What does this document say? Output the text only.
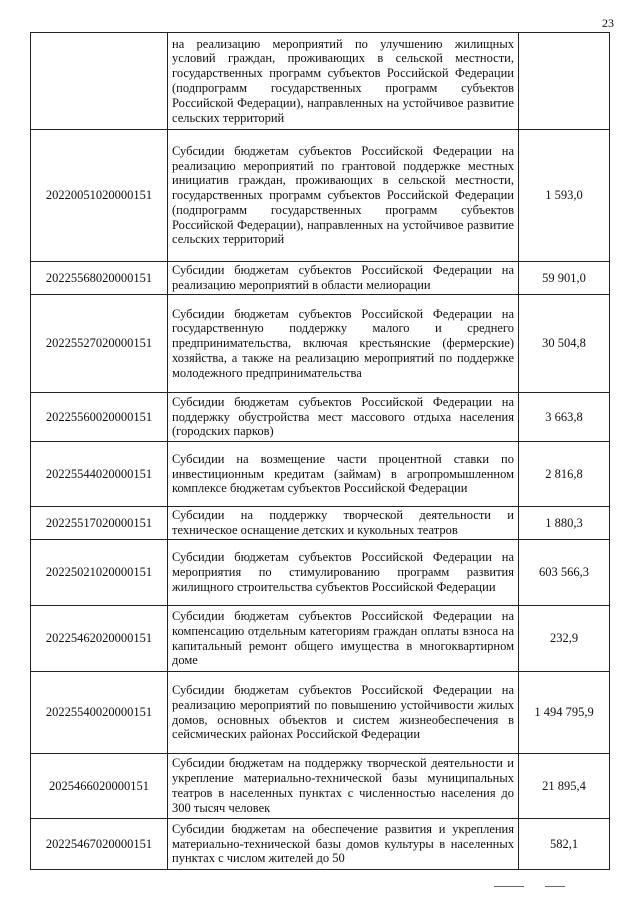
23
	на реализацию мероприятий по улучшению жилищных условий граждан, проживающих в сельской местности, государственных программ субъектов Российской Федерации (подпрограмм государственных программ субъектов Российской Федерации), направленных на устойчивое развитие сельских территорий	
20220051020000151	Субсидии бюджетам субъектов Российской Федерации на реализацию мероприятий по грантовой поддержке местных инициатив граждан, проживающих в сельской местности, государственных программ субъектов Российской Федерации (подпрограмм государственных программ субъектов Российской Федерации), направленных на устойчивое развитие сельских территорий	1 593,0
20225568020000151	Субсидии бюджетам субъектов Российской Федерации на реализацию мероприятий в области мелиорации	59 901,0
20225527020000151	Субсидии бюджетам субъектов Российской Федерации на государственную поддержку малого и среднего предпринимательства, включая крестьянские (фермерские) хозяйства, а также на реализацию мероприятий по поддержке молодежного предпринимательства	30 504,8
20225560020000151	Субсидии бюджетам субъектов Российской Федерации на поддержку обустройства мест массового отдыха населения (городских парков)	3 663,8
20225544020000151	Субсидии на возмещение части процентной ставки по инвестиционным кредитам (займам) в агропромышленном комплексе бюджетам субъектов Российской Федерации	2 816,8
20225517020000151	Субсидии на поддержку творческой деятельности и техническое оснащение детских и кукольных театров	1 880,3
20225021020000151	Субсидии бюджетам субъектов Российской Федерации на мероприятия по стимулированию программ развития жилищного строительства субъектов Российской Федерации	603 566,3
20225462020000151	Субсидии бюджетам субъектов Российской Федерации на компенсацию отдельным категориям граждан оплаты взноса на капитальный ремонт общего имущества в многоквартирном доме	232,9
20225540020000151	Субсидии бюджетам субъектов Российской Федерации на реализацию мероприятий по повышению устойчивости жилых домов, основных объектов и систем жизнеобеспечения в сейсмических районах Российской Федерации	1 494 795,9
2025466020000151	Субсидии бюджетам на поддержку творческой деятельности и укрепление материально-технической базы муниципальных театров в населенных пунктах с численностью населения до 300 тысяч человек	21 895,4
20225467020000151	Субсидии бюджетам на обеспечение развития и укрепления материально-технической базы домов культуры в населенных пунктах с числом жителей до 50	582,1
